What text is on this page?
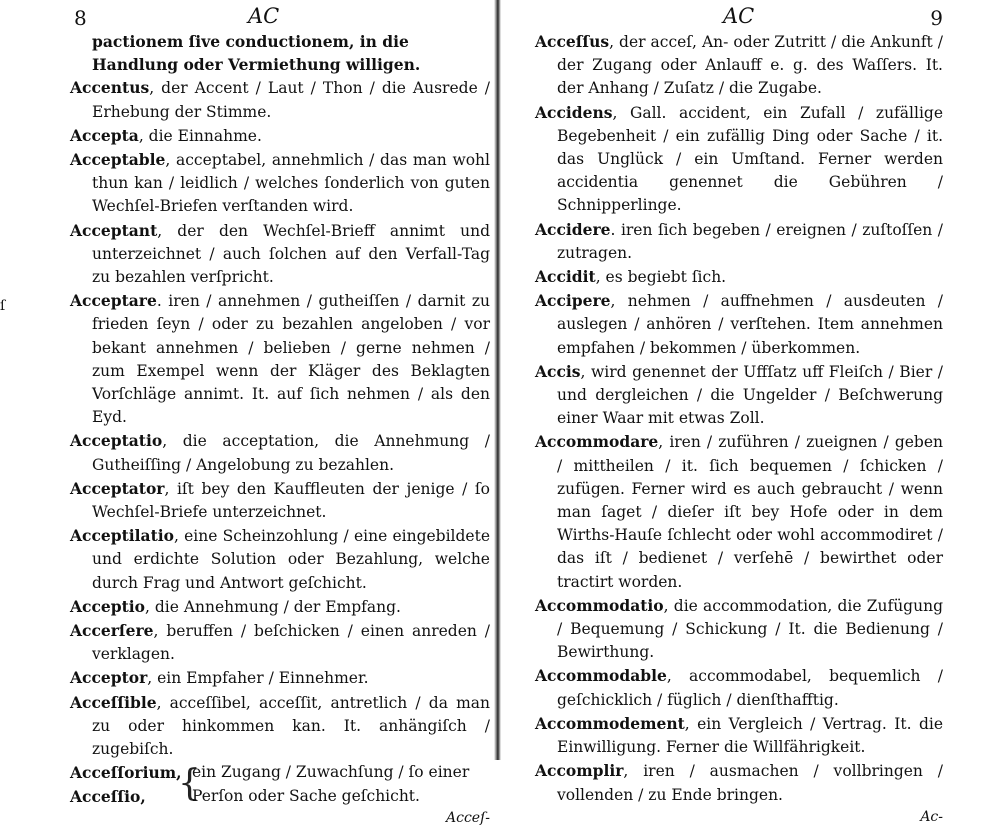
ſ
8	AC
pactionem ſive conductionem, in die Handlung oder Vermiethung willigen.
Accentus, der Accent / Laut / Thon / die Ausrede / Erhebung der Stimme.
Accepta, die Einnahme.
Acceptable, acceptabel, annehmlich / das man wohl thun kan / leidlich / welches ſonderlich von guten Wechſel-Briefen verſtanden wird.
Acceptant, der den Wechſel-Brieff annimt und unterzeichnet / auch ſolchen auf den Verfall-Tag zu bezahlen verſpricht.
Acceptare. iren / annehmen / gutheiſſen / darnit zu frieden ſeyn / oder zu bezahlen angeloben / vor bekant annehmen / belieben / gerne nehmen / zum Exempel wenn der Kläger des Beklagten Vorſchläge annimt. It. auf ſich nehmen / als den Eyd.
Acceptatio, die acceptation, die Annehmung / Gutheiſſing / Angelobung zu bezahlen.
Acceptator, iſt bey den Kauffleuten der jenige / ſo Wechſel-Briefe unterzeichnet.
Acceptilatio, eine Scheinzohlung / eine eingebildete und erdichte Solution oder Bezahlung, welche durch Frag und Antwort geſchicht.
Acceptio, die Annehmung / der Empfang.
Accerſere, beruffen / beſchicken / einen anreden / verklagen.
Acceptor, ein Empfaher / Einnehmer.
Acceſſible, acceſſibel, acceſſit, antretlich / da man zu oder hinkommen kan. It. anhängiſch / zugebiſch.
Acceſſorium,
Acceſſio, {
ein Zugang / Zuwachſung / ſo einer Perſon oder Sache geſchicht.
Acceſ-
AC	9
Acceſſus, der acceſ, An- oder Zutritt / die Ankunft / der Zugang oder Anlauff e. g. des Waſſers. It. der Anhang / Zuſatz / die Zugabe.
Accidens, Gall. accident, ein Zufall / zufällige Begebenheit / ein zufällig Ding oder Sache / it. das Unglück / ein Umſtand. Ferner werden accidentia genennet die Gebühren / Schnipperlinge.
Accidere. iren ſich begeben / ereignen / zuſtoſſen / zutragen.
Accidit, es begiebt ſich.
Accipere, nehmen / auffnehmen / ausdeuten / auslegen / anhören / verſtehen. Item annehmen empfahen / bekommen / überkommen.
Accis, wird genennet der Uffſatz uff Fleiſch / Bier / und dergleichen / die Ungelder / Beſchwerung einer Waar mit etwas Zoll.
Accommodare, iren / zuführen / zueignen / geben / mittheilen / it. ſich bequemen / ſchicken / zufügen. Ferner wird es auch gebraucht / wenn man ſaget / dieſer iſt bey Hofe oder in dem Wirths-Hauſe ſchlecht oder wohl accommodiret / das iſt / bedienet / verſehē / bewirthet oder tractirt worden.
Accommodatio, die accommodation, die Zufügung / Bequemung / Schickung / It. die Bedienung / Bewirthung.
Accommodable, accommodabel, bequemlich / geſchicklich / füglich / dienſthafftig.
Accommodement, ein Vergleich / Vertrag. It. die Einwilligung. Ferner die Willfährigkeit.
Accomplir, iren / ausmachen / vollbringen / vollenden / zu Ende bringen.
Ac-
